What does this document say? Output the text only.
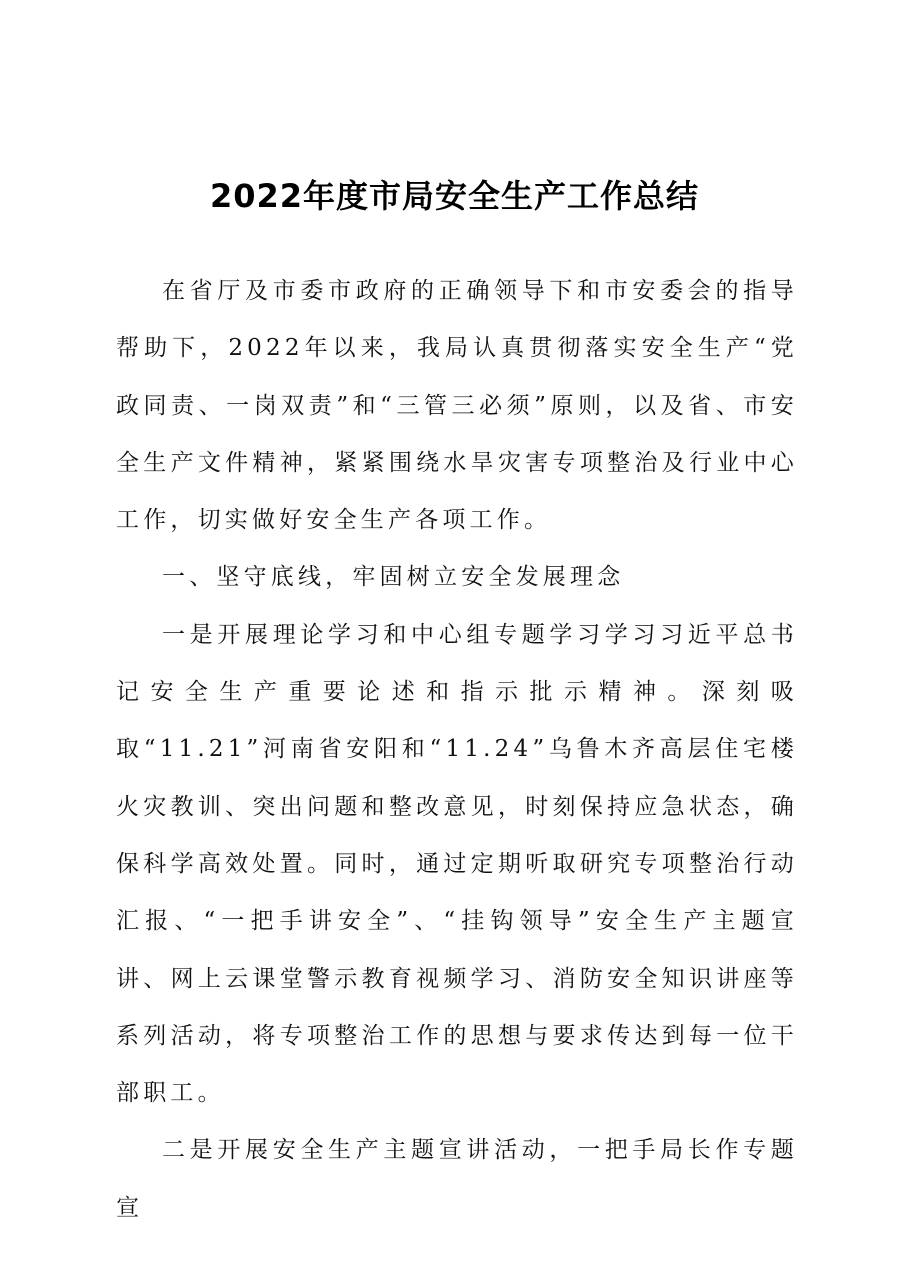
2022年度市局安全生产工作总结

在省厅及市委市政府的正确领导下和市安委会的指导帮助下，2022年以来，我局认真贯彻落实安全生产“党政同责、一岗双责”和“三管三必须”原则，以及省、市安全生产文件精神，紧紧围绕水旱灾害专项整治及行业中心工作，切实做好安全生产各项工作。

一、坚守底线，牢固树立安全发展理念

一是开展理论学习和中心组专题学习学习习近平总书记安全生产重要论述和指示批示精神。深刻吸取“11.21”河南省安阳和“11.24”乌鲁木齐高层住宅楼火灾教训、突出问题和整改意见，时刻保持应急状态，确保科学高效处置。同时，通过定期听取研究专项整治行动汇报、“一把手讲安全”、“挂钩领导”安全生产主题宣讲、网上云课堂警示教育视频学习、消防安全知识讲座等系列活动，将专项整治工作的思想与要求传达到每一位干部职工。

二是开展安全生产主题宣讲活动，一把手局长作专题宣
